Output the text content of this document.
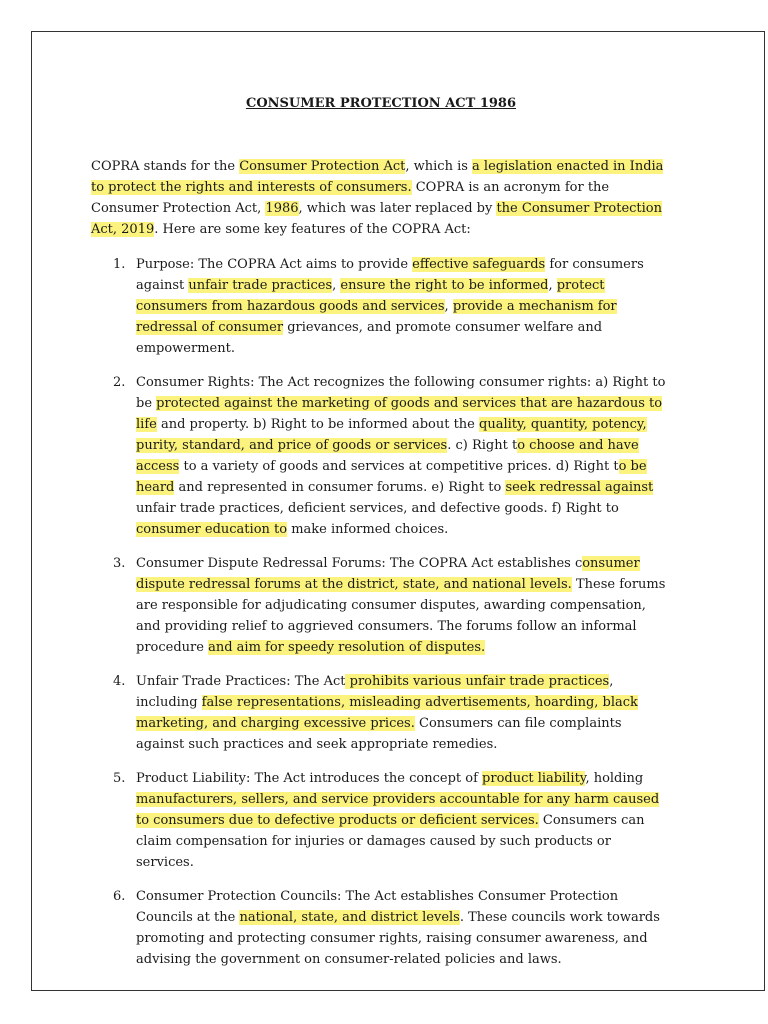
CONSUMER PROTECTION ACT 1986

COPRA stands for the Consumer Protection Act, which is a legislation enacted in India to protect the rights and interests of consumers. COPRA is an acronym for the Consumer Protection Act, 1986, which was later replaced by the Consumer Protection Act, 2019. Here are some key features of the COPRA Act:

1. Purpose: The COPRA Act aims to provide effective safeguards for consumers against unfair trade practices, ensure the right to be informed, protect consumers from hazardous goods and services, provide a mechanism for redressal of consumer grievances, and promote consumer welfare and empowerment.
2. Consumer Rights: The Act recognizes the following consumer rights: a) Right to be protected against the marketing of goods and services that are hazardous to life and property. b) Right to be informed about the quality, quantity, potency, purity, standard, and price of goods or services. c) Right to choose and have access to a variety of goods and services at competitive prices. d) Right to be heard and represented in consumer forums. e) Right to seek redressal against unfair trade practices, deficient services, and defective goods. f) Right to consumer education to make informed choices.
3. Consumer Dispute Redressal Forums: The COPRA Act establishes consumer dispute redressal forums at the district, state, and national levels. These forums are responsible for adjudicating consumer disputes, awarding compensation, and providing relief to aggrieved consumers. The forums follow an informal procedure and aim for speedy resolution of disputes.
4. Unfair Trade Practices: The Act prohibits various unfair trade practices, including false representations, misleading advertisements, hoarding, black marketing, and charging excessive prices. Consumers can file complaints against such practices and seek appropriate remedies.
5. Product Liability: The Act introduces the concept of product liability, holding manufacturers, sellers, and service providers accountable for any harm caused to consumers due to defective products or deficient services. Consumers can claim compensation for injuries or damages caused by such products or services.
6. Consumer Protection Councils: The Act establishes Consumer Protection Councils at the national, state, and district levels. These councils work towards promoting and protecting consumer rights, raising consumer awareness, and advising the government on consumer-related policies and laws.
